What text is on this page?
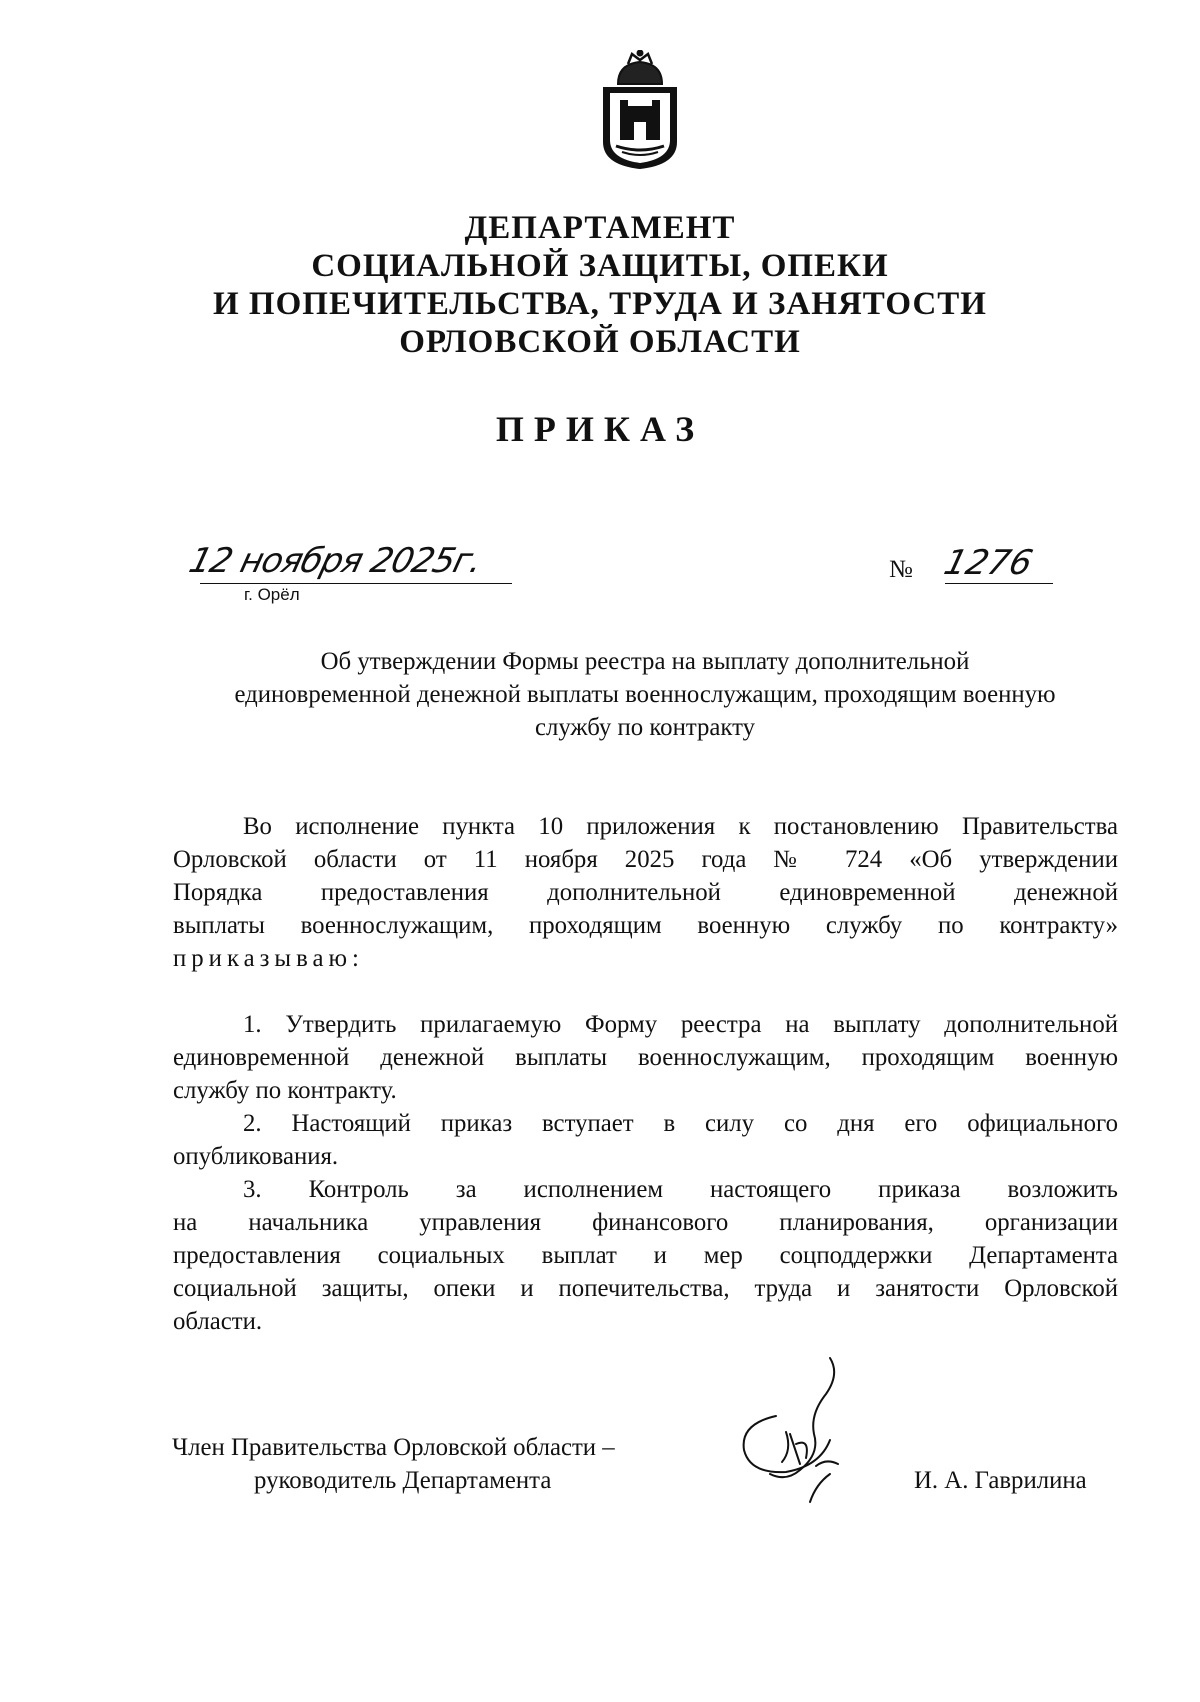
ДЕПАРТАМЕНТ
СОЦИАЛЬНОЙ ЗАЩИТЫ, ОПЕКИ
И ПОПЕЧИТЕЛЬСТВА, ТРУДА И ЗАНЯТОСТИ
ОРЛОВСКОЙ ОБЛАСТИ
ПРИКАЗ
12 ноября 2025г.
г. Орёл
№ 1276
Об утверждении Формы реестра на выплату дополнительной
единовременной денежной выплаты военнослужащим, проходящим военную
службу по контракту
Во исполнение пункта 10 приложения к постановлению Правительства
Орловской области от 11 ноября 2025 года № 724 «Об утверждении
Порядка предоставления дополнительной единовременной денежной
выплаты военнослужащим, проходящим военную службу по контракту»
приказываю:
1. Утвердить прилагаемую Форму реестра на выплату дополнительной
единовременной денежной выплаты военнослужащим, проходящим военную
службу по контракту.
2. Настоящий приказ вступает в силу со дня его официального
опубликования.
3. Контроль за исполнением настоящего приказа возложить
на начальника управления финансового планирования, организации
предоставления социальных выплат и мер соцподдержки Департамента
социальной защиты, опеки и попечительства, труда и занятости Орловской
области.
Член Правительства Орловской области –
руководитель Департамента	И. А. Гаврилина
